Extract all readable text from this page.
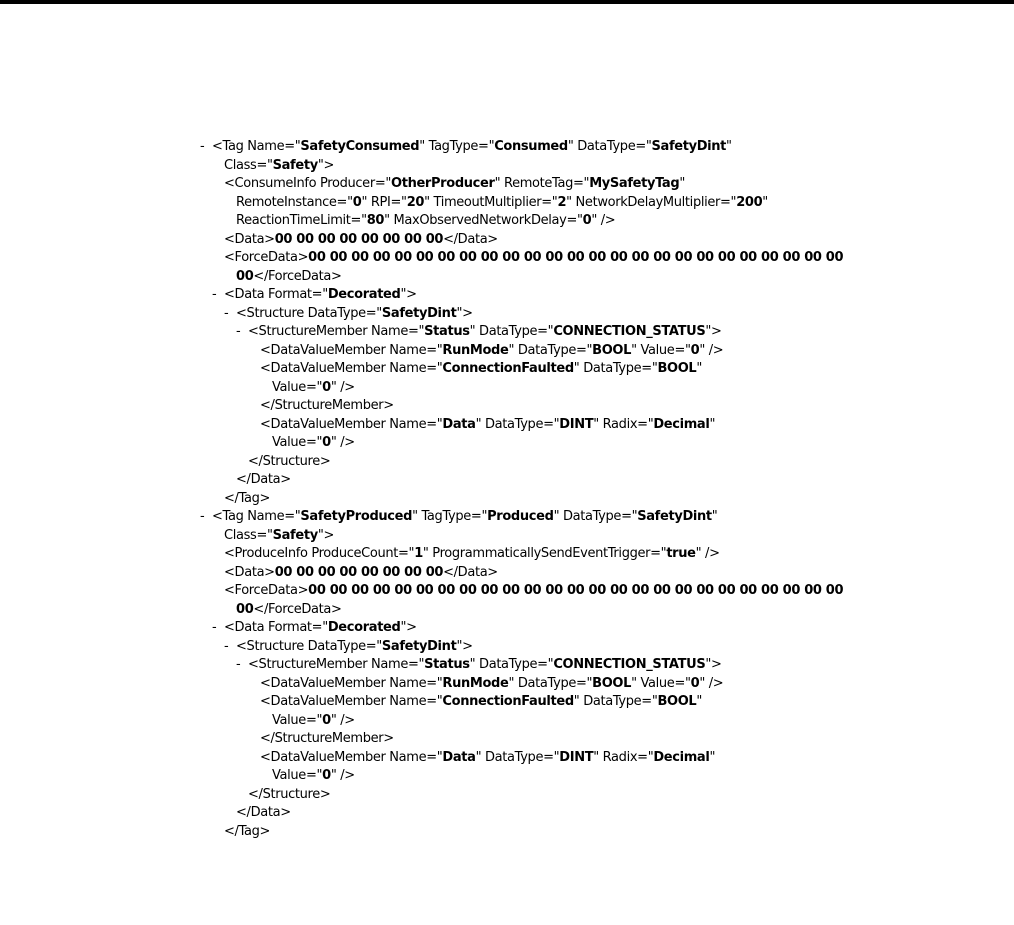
- <Tag Name="SafetyConsumed" TagType="Consumed" DataType="SafetyDint"
Class="Safety">
<ConsumeInfo Producer="OtherProducer" RemoteTag="MySafetyTag"
RemoteInstance="0" RPI="20" TimeoutMultiplier="2" NetworkDelayMultiplier="200"
ReactionTimeLimit="80" MaxObservedNetworkDelay="0" />
<Data>00 00 00 00 00 00 00 00</Data>
<ForceData>00 00 00 00 00 00 00 00 00 00 00 00 00 00 00 00 00 00 00 00 00 00 00 00 00
00</ForceData>
- <Data Format="Decorated">
- <Structure DataType="SafetyDint">
- <StructureMember Name="Status" DataType="CONNECTION_STATUS">
<DataValueMember Name="RunMode" DataType="BOOL" Value="0" />
<DataValueMember Name="ConnectionFaulted" DataType="BOOL"
Value="0" />
</StructureMember>
<DataValueMember Name="Data" DataType="DINT" Radix="Decimal"
Value="0" />
</Structure>
</Data>
</Tag>
- <Tag Name="SafetyProduced" TagType="Produced" DataType="SafetyDint"
Class="Safety">
<ProduceInfo ProduceCount="1" ProgrammaticallySendEventTrigger="true" />
<Data>00 00 00 00 00 00 00 00</Data>
<ForceData>00 00 00 00 00 00 00 00 00 00 00 00 00 00 00 00 00 00 00 00 00 00 00 00 00
00</ForceData>
- <Data Format="Decorated">
- <Structure DataType="SafetyDint">
- <StructureMember Name="Status" DataType="CONNECTION_STATUS">
<DataValueMember Name="RunMode" DataType="BOOL" Value="0" />
<DataValueMember Name="ConnectionFaulted" DataType="BOOL"
Value="0" />
</StructureMember>
<DataValueMember Name="Data" DataType="DINT" Radix="Decimal"
Value="0" />
</Structure>
</Data>
</Tag>
